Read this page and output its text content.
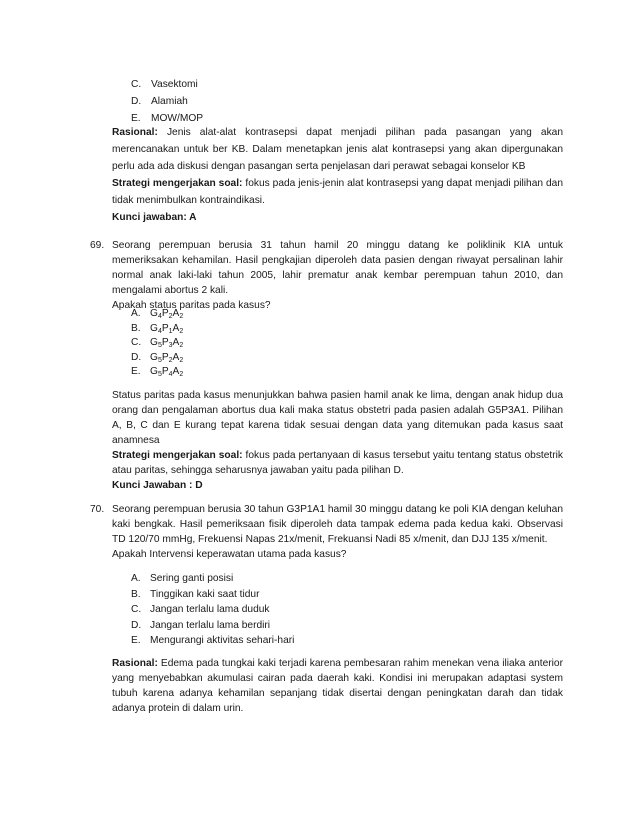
C. Vasektomi
D. Alamiah
E.	MOW/MOP

Rasional: Jenis alat-alat kontrasepsi dapat menjadi pilihan pada pasangan yang akan merencanakan untuk ber KB. Dalam menetapkan jenis alat kontrasepsi yang akan dipergunakan perlu ada ada diskusi dengan pasangan serta penjelasan dari perawat sebagai konselor KB

Strategi mengerjakan soal: fokus pada jenis-jenin alat kontrasepsi yang dapat menjadi pilihan dan tidak menimbulkan kontraindikasi.

Kunci jawaban: A

69. Seorang perempuan berusia 31 tahun hamil 20 minggu datang ke poliklinik KIA untuk memeriksakan kehamilan. Hasil pengkajian diperoleh data pasien dengan riwayat persalinan lahir normal anak laki-laki tahun 2005, lahir prematur anak kembar perempuan tahun 2010, dan mengalami abortus 2 kali.

Apakah status paritas pada kasus?

A. $G_4P_2A_2$
B. $G_4P_1A_2$
C. $G_5P_3A_2$
D. $G_5P_2A_2$
E. $G_5P_4A_2$

Status paritas pada kasus menunjukkan bahwa pasien hamil anak ke lima, dengan anak hidup dua orang dan pengalaman abortus dua kali maka status obstetri pada pasien adalah G5P3A1. Pilihan A, B, C dan E kurang tepat karena tidak sesuai dengan data yang ditemukan pada kasus saat anamnesa

Strategi mengerjakan soal: fokus pada pertanyaan di kasus tersebut yaitu tentang status obstetrik atau paritas, sehingga seharusnya jawaban yaitu pada pilihan D.

Kunci Jawaban : D

70. Seorang perempuan berusia 30 tahun G3P1A1 hamil 30 minggu datang ke poli KIA dengan keluhan kaki bengkak. Hasil pemeriksaan fisik diperoleh data tampak edema pada kedua kaki. Observasi TD 120/70 mmHg, Frekuensi Napas 21x/menit, Frekuansi Nadi 85 x/menit, dan DJJ 135 x/menit.

Apakah Intervensi keperawatan utama pada kasus?

A. Sering ganti posisi
B. Tinggikan kaki saat tidur
C. Jangan terlalu lama duduk
D. Jangan terlalu lama berdiri
E. Mengurangi aktivitas sehari-hari

Rasional: Edema pada tungkai kaki terjadi karena pembesaran rahim menekan vena iliaka anterior yang menyebabkan akumulasi cairan pada daerah kaki. Kondisi ini merupakan adaptasi system tubuh karena adanya kehamilan sepanjang tidak disertai dengan peningkatan darah dan tidak adanya protein di dalam urin.
